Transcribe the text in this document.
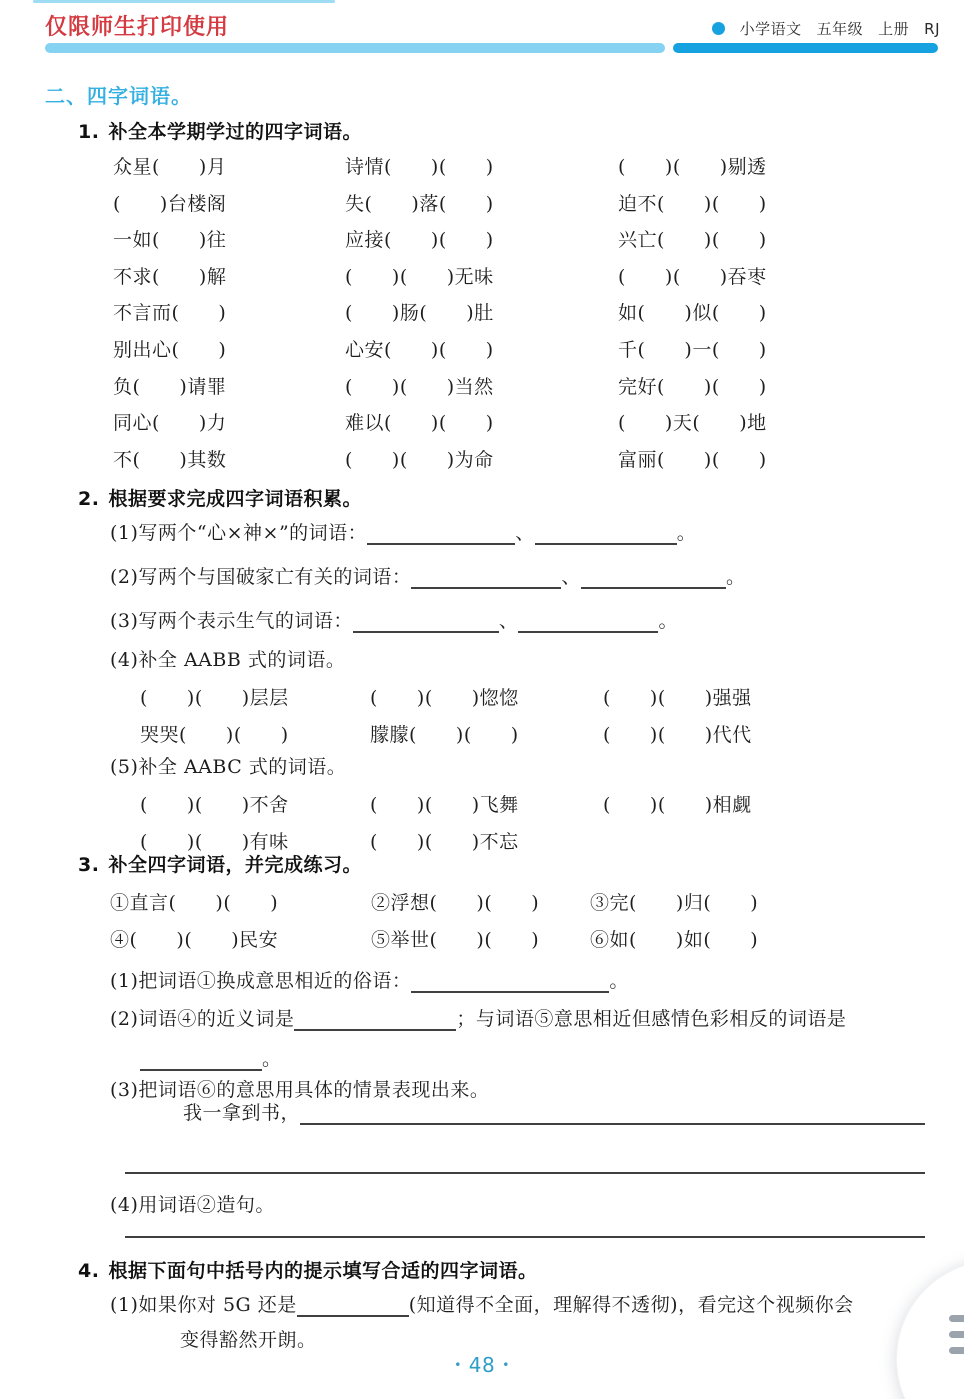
仅限师生打印使用	小学语文 五年级 上册 RJ
二、四字词语。
1. 补全本学期学过的四字词语。
众星(  )月	诗情(  )(  )	(  )(  )剔透
(  )台楼阁	失(  )落(  )	迫不(  )(  )
一如(  )往	应接(  )(  )	兴亡(  )(  )
不求(  )解	(  )(  )无味	(  )(  )吞枣
不言而(  )	(  )肠(  )肚	如(  )似(  )
别出心(  )	心安(  )(  )	千(  )一(  )
负(  )请罪	(  )(  )当然	完好(  )(  )
同心(  )力	难以(  )(  )	(  )天(  )地
不(  )其数	(  )(  )为命	富丽(  )(  )
2. 根据要求完成四字词语积累。
(1)写两个“心×神×”的词语：	、	。
(2)写两个与国破家亡有关的词语：	、	。
(3)写两个表示生气的词语：	、	。
(4)补全 AABB 式的词语。
(  )(  )层层	(  )(  )惚惚	(  )(  )强强
哭哭(  )(  )	朦朦(  )(  )	(  )(  )代代
(5)补全 AABC 式的词语。
(  )(  )不舍	(  )(  )飞舞	(  )(  )相觑
(  )(  )有味	(  )(  )不忘
3. 补全四字词语，并完成练习。
①直言(  )(  )	②浮想(  )(  )	③完(  )归(  )
④(  )(  )民安	⑤举世(  )(  )	⑥如(  )如(  )
(1)把词语①换成意思相近的俗语：	。
(2)词语④的近义词是	；与词语⑤意思相近但感情色彩相反的词语是
。
(3)把词语⑥的意思用具体的情景表现出来。
我一拿到书，
(4)用词语②造句。
4. 根据下面句中括号内的提示填写合适的四字词语。
(1)如果你对 5G 还是	(知道得不全面，理解得不透彻)，看完这个视频你会
变得豁然开朗。
• 48 •
